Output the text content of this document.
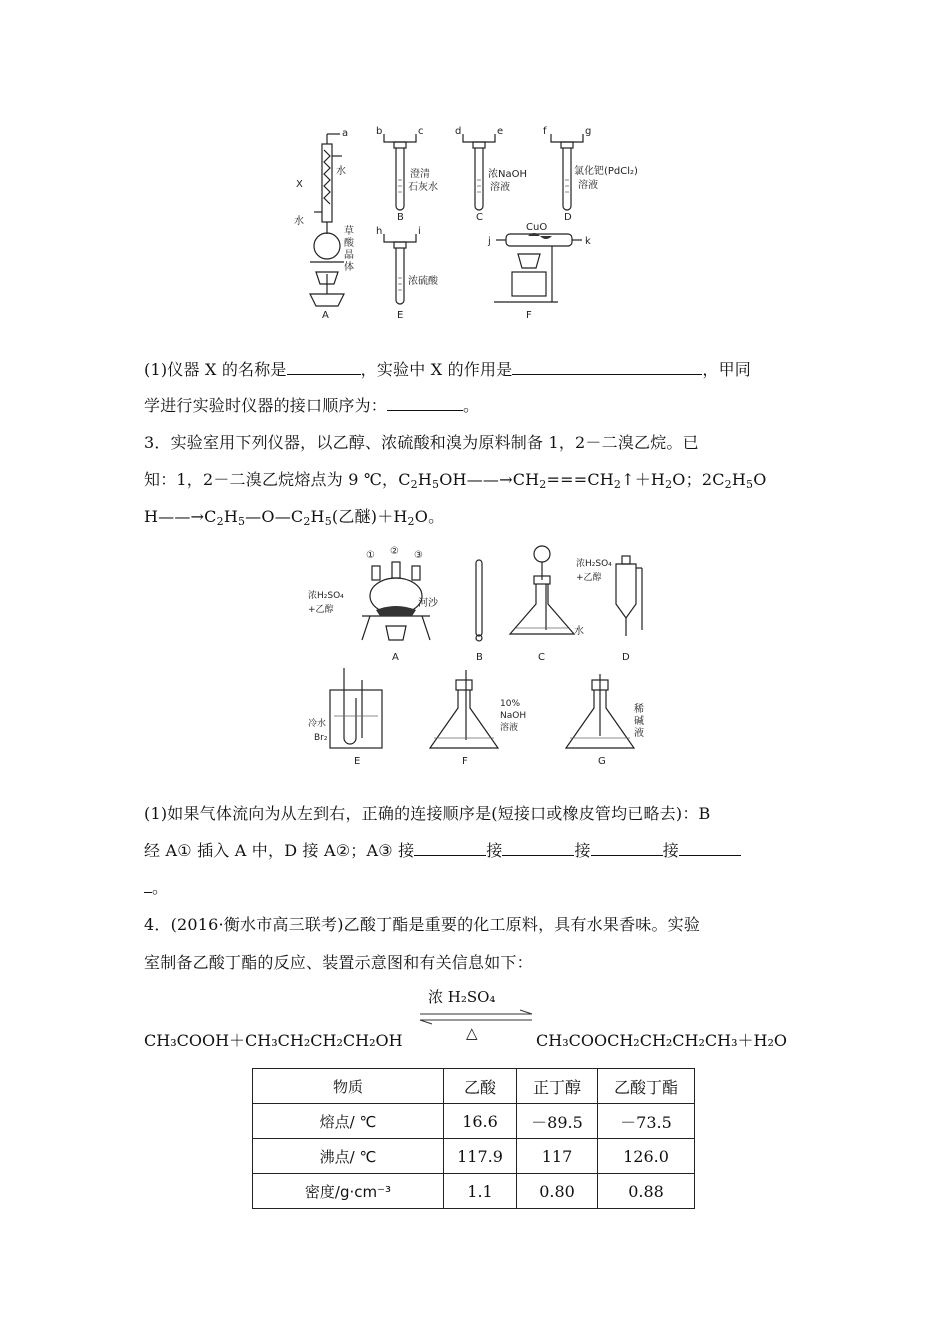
a	b	c	d	e	f	g
X
水
水
草
酸
晶
体
澄清
石灰水
浓NaOH
溶液
氯化钯(PdCl₂)
溶液
h	i
浓硫酸
CuO
j	k
A
B	C	D
E	F
(1)仪器 X 的名称是	，实验中 X 的作用是	，甲同
学进行实验时仪器的接口顺序为：	。
3．实验室用下列仪器，以乙醇、浓硫酸和溴为原料制备 1，2－二溴乙烷。已
知：1，2－二溴乙烷熔点为 9 ℃，$C_2H_5OH——\to CH_2===CH_2↑+H_2O$；$2C_2H_5O$
$H——\to C_2H_5—O—C_2H_5$(乙醚)$+H_2O$。
① ② ③
浓H₂SO₄
+乙醇
河沙
水
浓H₂SO₄
+乙醇
冷水
Br₂
10%
NaOH
溶液
稀
碱
液
A	B	C	D
E	F	G
(1)如果气体流向为从左到右，正确的连接顺序是(短接口或橡皮管均已略去)：B
经 A① 插入 A 中，D 接 A②；A③ 接	接	接	接
。
4．(2016·衡水市高三联考)乙酸丁酯是重要的化工原料，具有水果香味。实验
室制备乙酸丁酯的反应、装置示意图和有关信息如下：
CH₃COOH＋CH₃CH₂CH₂CH₂OH
浓 H₂SO₄
△	CH₃COOCH₂CH₂CH₂CH₃＋H₂O
物质	乙酸	正丁醇	乙酸丁酯
熔点/ ℃	16.6	－89.5	－73.5
沸点/ ℃	117.9	117	126.0
密度/g·cm⁻³	1.1	0.80	0.88
